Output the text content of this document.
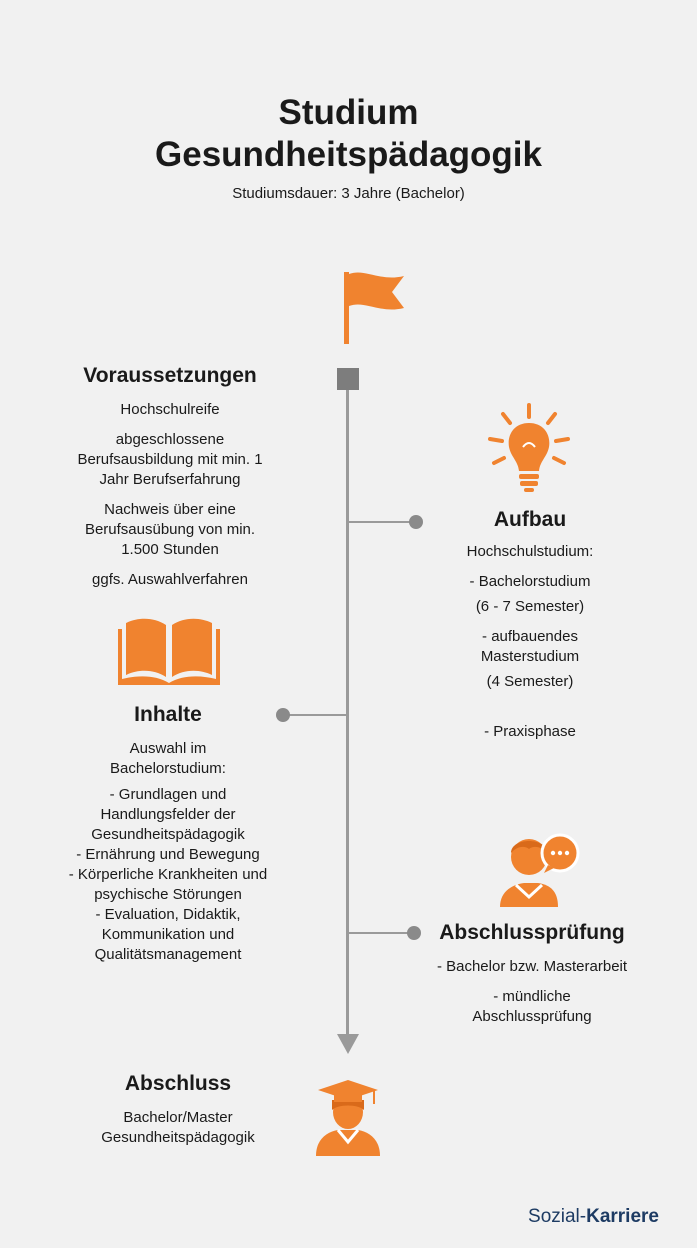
Studium
Gesundheitspädagogik
Studiumsdauer: 3 Jahre (Bachelor)
Voraussetzungen
Hochschulreife
abgeschlossene
Berufsausbildung mit min. 1
Jahr Berufserfahrung
Nachweis über eine
Berufsausübung von min.
1.500 Stunden
ggfs. Auswahlverfahren
Aufbau
Hochschulstudium:
- Bachelorstudium
(6 - 7 Semester)
- aufbauendes
Masterstudium
(4 Semester)
- Praxisphase
Inhalte
Auswahl im
Bachelorstudium:
- Grundlagen und
Handlungsfelder der
Gesundheitspädagogik
- Ernährung und Bewegung
- Körperliche Krankheiten und
psychische Störungen
- Evaluation, Didaktik,
Kommunikation und
Qualitätsmanagement
Abschlussprüfung
- Bachelor bzw. Masterarbeit
- mündliche
Abschlussprüfung
Abschluss
Bachelor/Master
Gesundheitspädagogik
Sozial-Karriere
